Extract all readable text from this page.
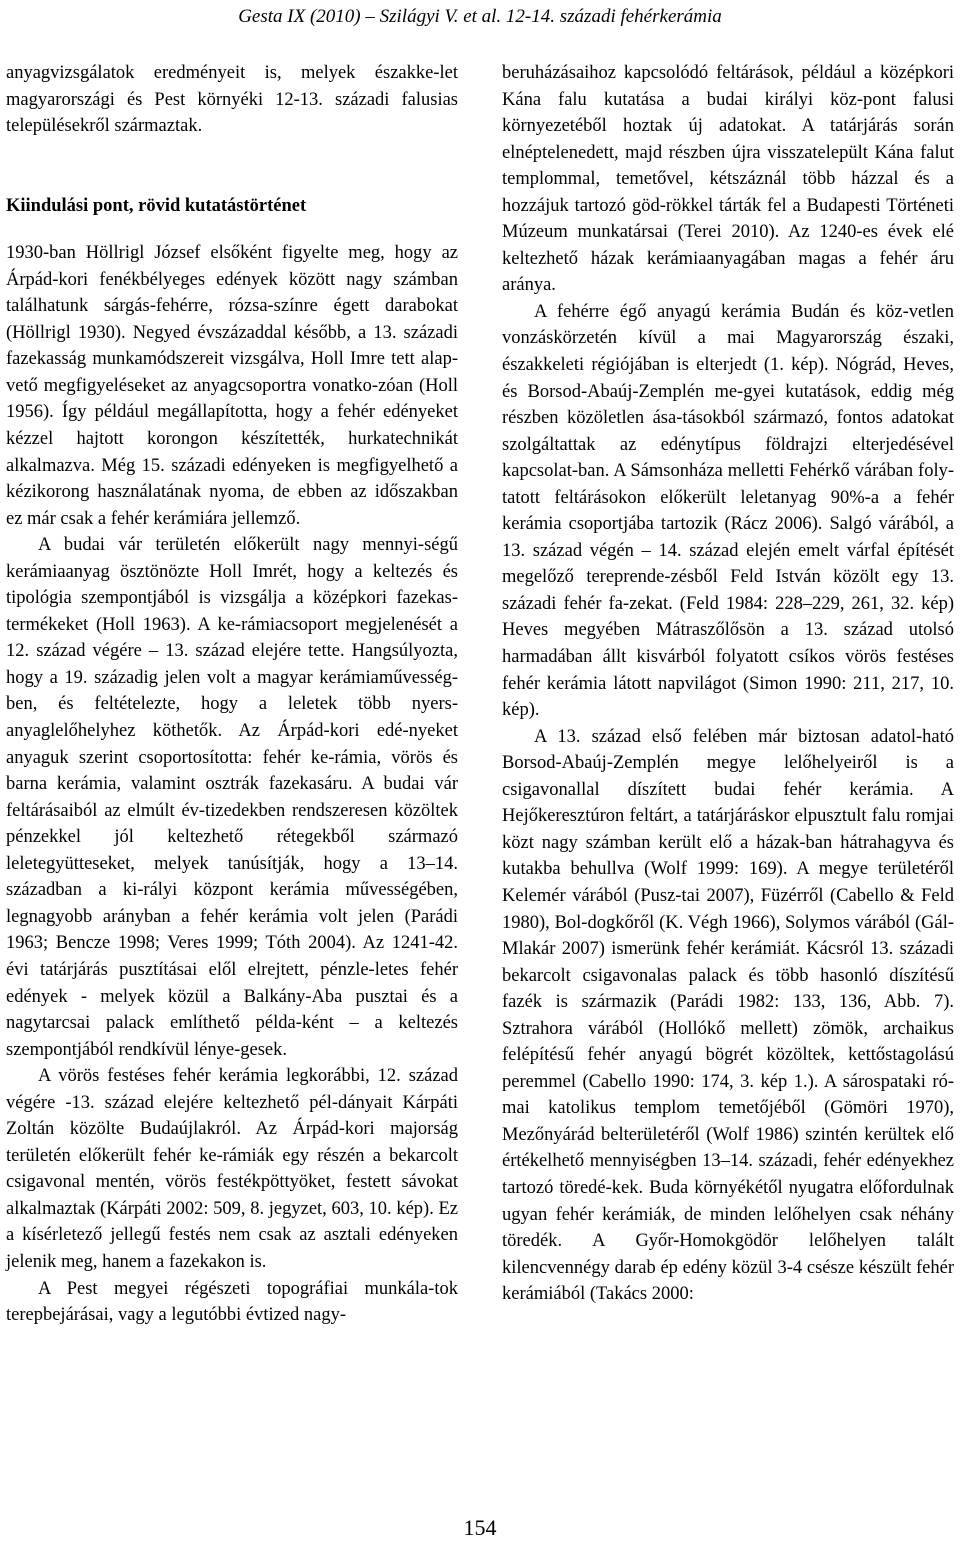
Gesta IX (2010) – Szilágyi V. et al. 12-14. századi fehérkerámia

anyagvizsgálatok eredményeit is, melyek északke-let magyarországi és Pest környéki 12-13. századi falusias településekről származtak.

Kiindulási pont, rövid kutatástörténet

1930-ban Höllrigl József elsőként figyelte meg, hogy az Árpád-kori fenékbélyeges edények között nagy számban találhatunk sárgás-fehérre, rózsa-színre égett darabokat (Höllrigl 1930). Negyed évszázaddal később, a 13. századi fazekasság munkamódszereit vizsgálva, Holl Imre tett alap-vető megfigyeléseket az anyagcsoportra vonatko-zóan (Holl 1956). Így például megállapította, hogy a fehér edényeket kézzel hajtott korongon készítették, hurkatechnikát alkalmazva. Még 15. századi edényeken is megfigyelhető a kézikorong használatának nyoma, de ebben az időszakban ez már csak a fehér kerámiára jellemző.

A budai vár területén előkerült nagy mennyi-ségű kerámiaanyag ösztönözte Holl Imrét, hogy a keltezés és tipológia szempontjából is vizsgálja a középkori fazekas-termékeket (Holl 1963). A ke-rámiacsoport megjelenését a 12. század végére – 13. század elejére tette. Hangsúlyozta, hogy a 19. századig jelen volt a magyar kerámiaművesség-ben, és feltételezte, hogy a leletek több nyers-anyaglelőhelyhez köthetők. Az Árpád-kori edé-nyeket anyaguk szerint csoportosította: fehér ke-rámia, vörös és barna kerámia, valamint osztrák fazekasáru. A budai vár feltárásaiból az elmúlt év-tizedekben rendszeresen közöltek pénzekkel jól keltezhető rétegekből származó leletegyütteseket, melyek tanúsítják, hogy a 13–14. században a ki-rályi központ kerámia művességében, legnagyobb arányban a fehér kerámia volt jelen (Parádi 1963; Bencze 1998; Veres 1999; Tóth 2004). Az 1241-42. évi tatárjárás pusztításai elől elrejtett, pénzle-letes fehér edények - melyek közül a Balkány-Aba pusztai és a nagytarcsai palack említhető példa-ként – a keltezés szempontjából rendkívül lénye-gesek.

A vörös festéses fehér kerámia legkorábbi, 12. század végére -13. század elejére keltezhető pél-dányait Kárpáti Zoltán közölte Budaújlakról. Az Árpád-kori majorság területén előkerült fehér ke-rámiák egy részén a bekarcolt csigavonal mentén, vörös festékpöttyöket, festett sávokat alkalmaztak (Kárpáti 2002: 509, 8. jegyzet, 603, 10. kép). Ez a kísérletező jellegű festés nem csak az asztali edényeken jelenik meg, hanem a fazekakon is.

A Pest megyei régészeti topográfiai munkála-tok terepbejárásai, vagy a legutóbbi évtized nagy-

beruházásaihoz kapcsolódó feltárások, például a középkori Kána falu kutatása a budai királyi köz-pont falusi környezetéből hoztak új adatokat. A tatárjárás során elnéptelenedett, majd részben újra visszatelepült Kána falut templommal, temetővel, kétszáznál több házzal és a hozzájuk tartozó göd-rökkel tárták fel a Budapesti Történeti Múzeum munkatársai (Terei 2010). Az 1240-es évek elé keltezhető házak kerámiaanyagában magas a fehér áru aránya.

A fehérre égő anyagú kerámia Budán és köz-vetlen vonzáskörzetén kívül a mai Magyarország északi, északkeleti régiójában is elterjedt (1. kép). Nógrád, Heves, és Borsod-Abaúj-Zemplén me-gyei kutatások, eddig még részben közöletlen ása-tásokból származó, fontos adatokat szolgáltattak az edénytípus földrajzi elterjedésével kapcsolat-ban. A Sámsonháza melletti Fehérkő várában foly-tatott feltárásokon előkerült leletanyag 90%-a a fehér kerámia csoportjába tartozik (Rácz 2006). Salgó várából, a 13. század végén – 14. század elején emelt várfal építését megelőző tereprende-zésből Feld István közölt egy 13. századi fehér fa-zekat. (Feld 1984: 228–229, 261, 32. kép) Heves megyében Mátraszőlősön a 13. század utolsó harmadában állt kisvárból folyatott csíkos vörös festéses fehér kerámia látott napvilágot (Simon 1990: 211, 217, 10. kép).

A 13. század első felében már biztosan adatol-ható Borsod-Abaúj-Zemplén megye lelőhelyeiről is a csigavonallal díszített budai fehér kerámia. A Hejőkeresztúron feltárt, a tatárjáráskor elpusztult falu romjai közt nagy számban került elő a házak-ban hátrahagyva és kutakba behullva (Wolf 1999: 169). A megye területéről Kelemér várából (Pusz-tai 2007), Füzérről (Cabello & Feld 1980), Bol-dogkőről (K. Végh 1966), Solymos várából (Gál-Mlakár 2007) ismerünk fehér kerámiát. Kácsról 13. századi bekarcolt csigavonalas palack és több hasonló díszítésű fazék is származik (Parádi 1982: 133, 136, Abb. 7). Sztrahora várából (Hollókő mellett) zömök, archaikus felépítésű fehér anyagú bögrét közöltek, kettőstagolású peremmel (Cabello 1990: 174, 3. kép 1.). A sárospataki ró-mai katolikus templom temetőjéből (Gömöri 1970), Mezőnyárád belterületéről (Wolf 1986) szintén kerültek elő értékelhető mennyiségben 13–14. századi, fehér edényekhez tartozó töredé-kek. Buda környékétől nyugatra előfordulnak ugyan fehér kerámiák, de minden lelőhelyen csak néhány töredék. A Győr-Homokgödör lelőhelyen talált kilencvennégy darab ép edény közül 3-4 csésze készült fehér kerámiából (Takács 2000:

154
